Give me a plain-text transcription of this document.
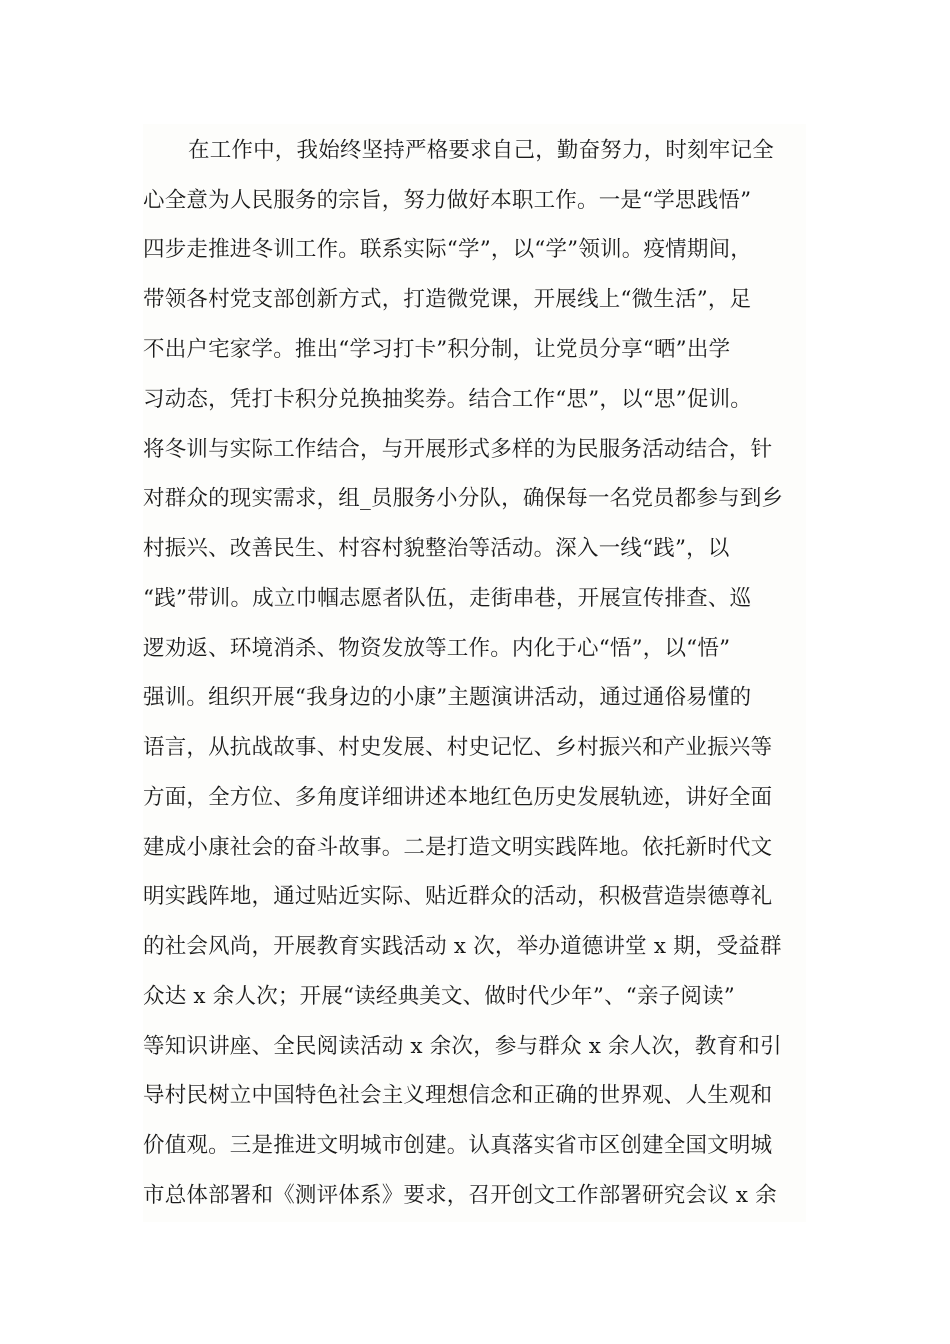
在工作中，我始终坚持严格要求自己，勤奋努力，时刻牢记全
心全意为人民服务的宗旨，努力做好本职工作。一是“学思践悟”
四步走推进冬训工作。联系实际“学”，以“学”领训。疫情期间，
带领各村党支部创新方式，打造微党课，开展线上“微生活”，足
不出户宅家学。推出“学习打卡”积分制，让党员分享“晒”出学
习动态，凭打卡积分兑换抽奖券。结合工作“思”，以“思”促训。
将冬训与实际工作结合，与开展形式多样的为民服务活动结合，针
对群众的现实需求，组_员服务小分队，确保每一名党员都参与到乡
村振兴、改善民生、村容村貌整治等活动。深入一线“践”，以
“践”带训。成立巾帼志愿者队伍，走街串巷，开展宣传排查、巡
逻劝返、环境消杀、物资发放等工作。内化于心“悟”，以“悟”
强训。组织开展“我身边的小康”主题演讲活动，通过通俗易懂的
语言，从抗战故事、村史发展、村史记忆、乡村振兴和产业振兴等
方面，全方位、多角度详细讲述本地红色历史发展轨迹，讲好全面
建成小康社会的奋斗故事。二是打造文明实践阵地。依托新时代文
明实践阵地，通过贴近实际、贴近群众的活动，积极营造崇德尊礼
的社会风尚，开展教育实践活动 x 次，举办道德讲堂 x 期，受益群
众达 x 余人次；开展“读经典美文、做时代少年”、“亲子阅读”
等知识讲座、全民阅读活动 x 余次，参与群众 x 余人次，教育和引
导村民树立中国特色社会主义理想信念和正确的世界观、人生观和
价值观。三是推进文明城市创建。认真落实省市区创建全国文明城
市总体部署和《测评体系》要求，召开创文工作部署研究会议 x 余
